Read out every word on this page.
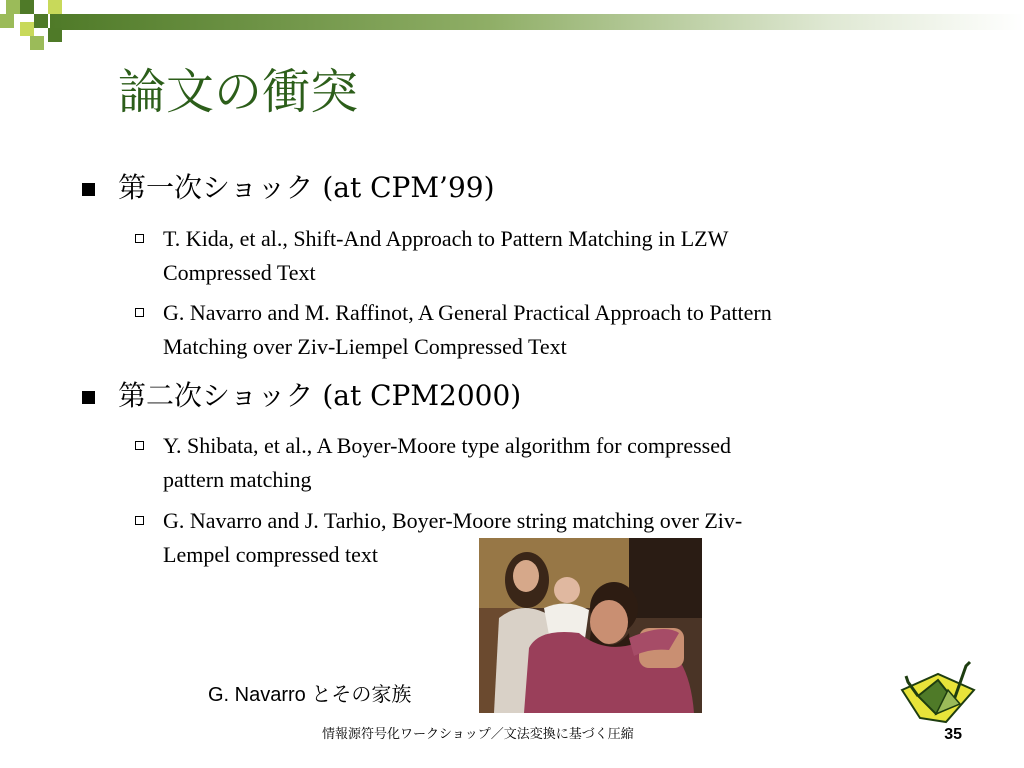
論文の衝突
第一次ショック (at CPM’99)
T. Kida, et al., Shift-And Approach to Pattern Matching in LZW
Compressed Text
G. Navarro and M. Raffinot, A General Practical Approach to Pattern
Matching over Ziv-Liempel Compressed Text
第二次ショック (at CPM2000)
Y. Shibata, et al., A Boyer-Moore type algorithm for compressed
pattern matching
G. Navarro and J. Tarhio, Boyer-Moore string matching over Ziv-
Lempel compressed text
G. Navarro とその家族
情報源符号化ワークショップ／文法変換に基づく圧縮	35
